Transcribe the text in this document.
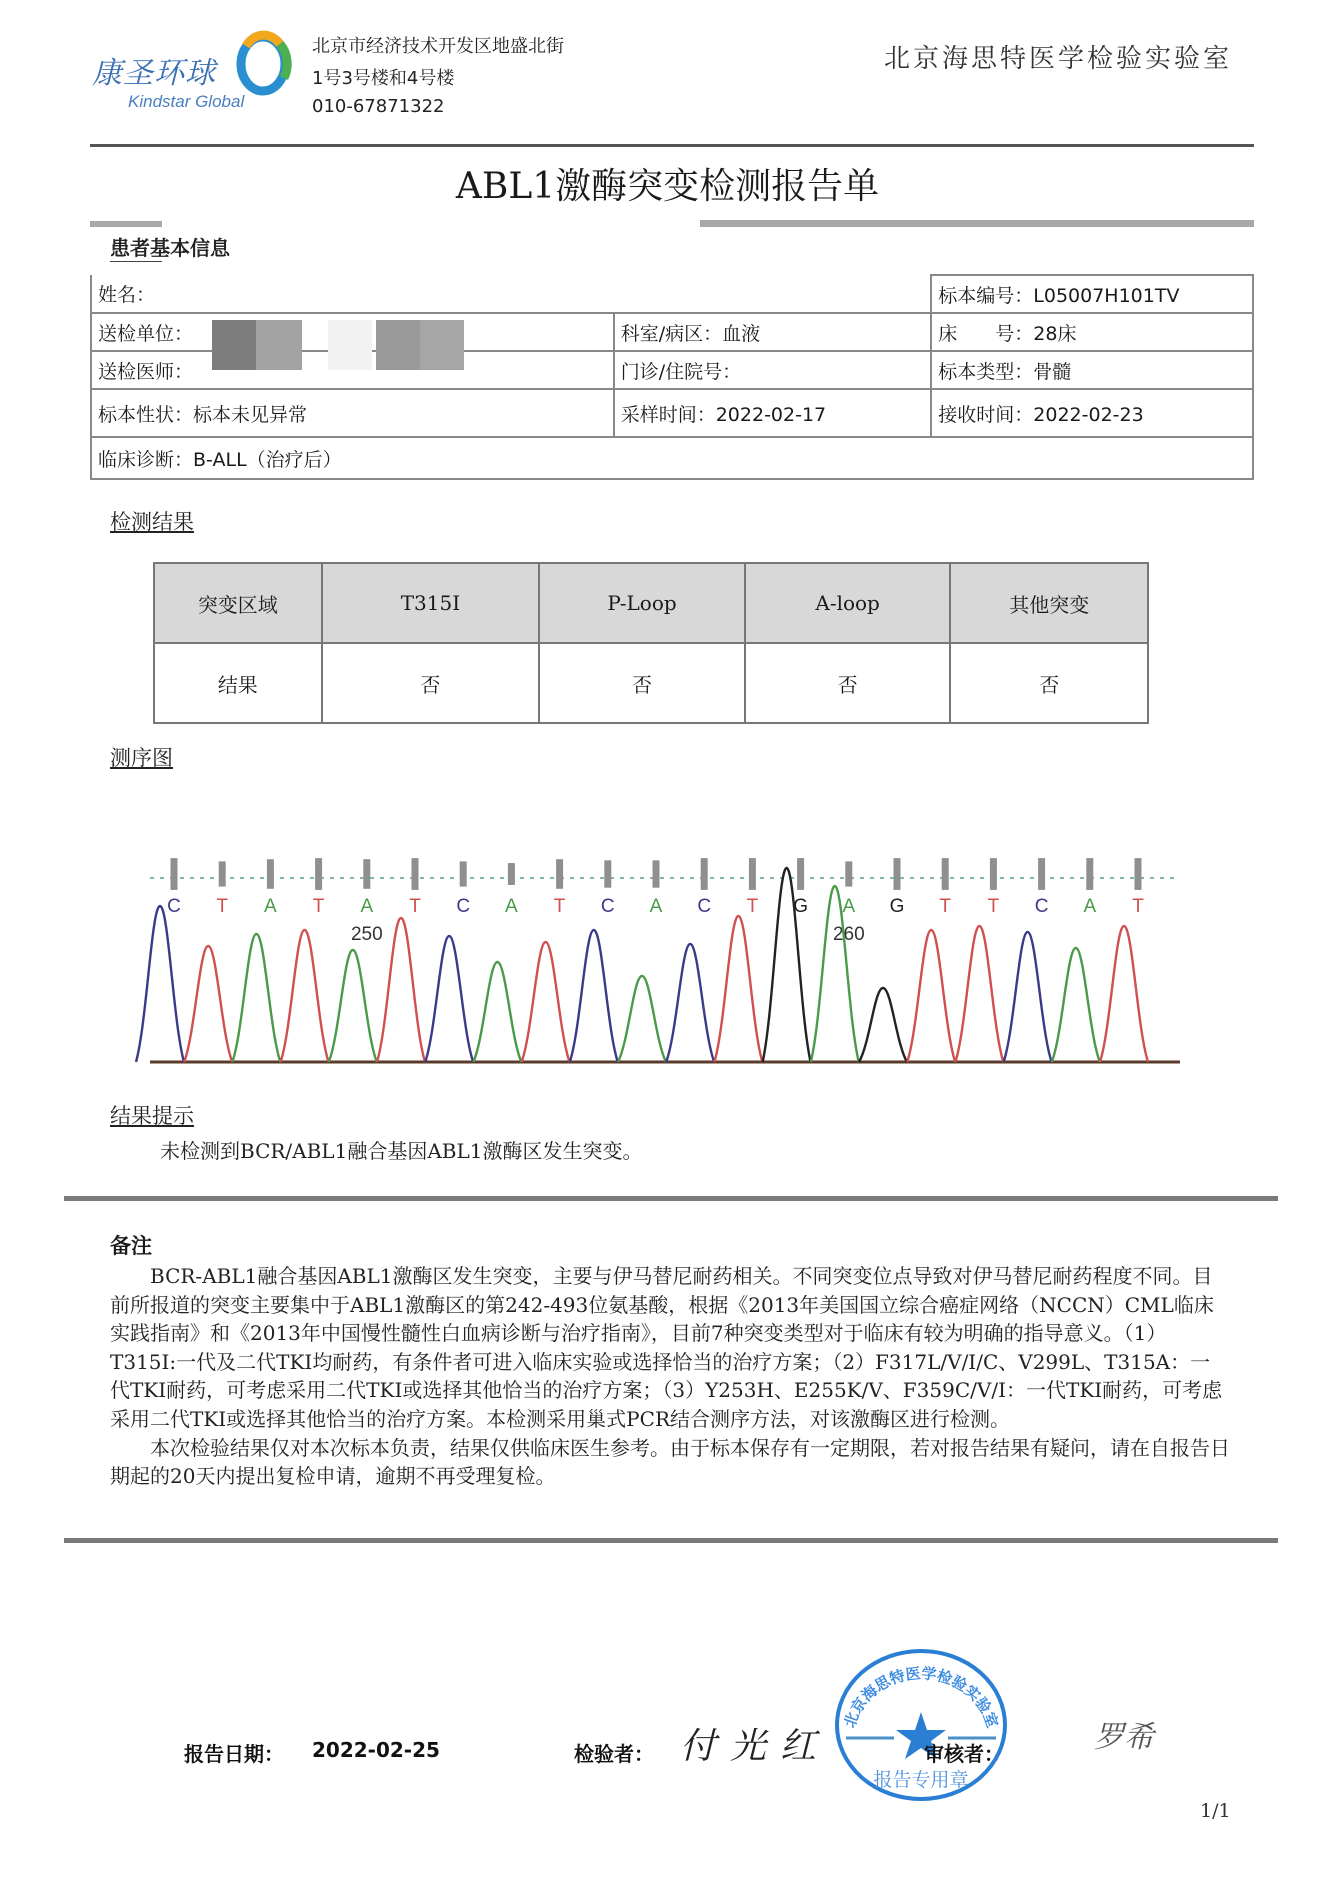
康圣环球
Kindstar Global
北京市经济技术开发区地盛北街
1号3号楼和4号楼
010-67871322
北京海思特医学检验实验室
ABL1激酶突变检测报告单
患者基本信息
姓名：		标本编号：L05007H101TV
送检单位：	科室/病区：血液	床　　号：28床
送检医师：	门诊/住院号：	标本类型：骨髓
标本性状：标本未见异常	采样时间：2022-02-17	接收时间：2022-02-23
临床诊断：B-ALL（治疗后）		
检测结果
突变区域	T315I	P-Loop	A-loop	其他突变
结果	否	否	否	否
测序图
C T A T A T C A T C A C T G A G T T C A T
250	260
结果提示
未检测到BCR/ABL1融合基因ABL1激酶区发生突变。
备注

BCR-ABL1融合基因ABL1激酶区发生突变，主要与伊马替尼耐药相关。不同突变位点导致对伊马替尼耐药程度不同。目前所报道的突变主要集中于ABL1激酶区的第242-493位氨基酸，根据《2013年美国国立综合癌症网络（NCCN）CML临床实践指南》和《2013年中国慢性髓性白血病诊断与治疗指南》，目前7种突变类型对于临床有较为明确的指导意义。（1）T315I:一代及二代TKI均耐药，有条件者可进入临床实验或选择恰当的治疗方案；（2）F317L/V/I/C、V299L、T315A：一代TKI耐药，可考虑采用二代TKI或选择其他恰当的治疗方案；（3）Y253H、E255K/V、F359C/V/I：一代TKI耐药，可考虑采用二代TKI或选择其他恰当的治疗方案。本检测采用巢式PCR结合测序方法，对该激酶区进行检测。

本次检验结果仅对本次标本负责，结果仅供临床医生参考。由于标本保存有一定期限，若对报告结果有疑问，请在自报告日期起的20天内提出复检申请，逾期不再受理复检。

报告日期： 2022-02-25	检验者： 付光红
北京海思特医学检验实验室
报告专用章
审核者：	罗希
1/1
